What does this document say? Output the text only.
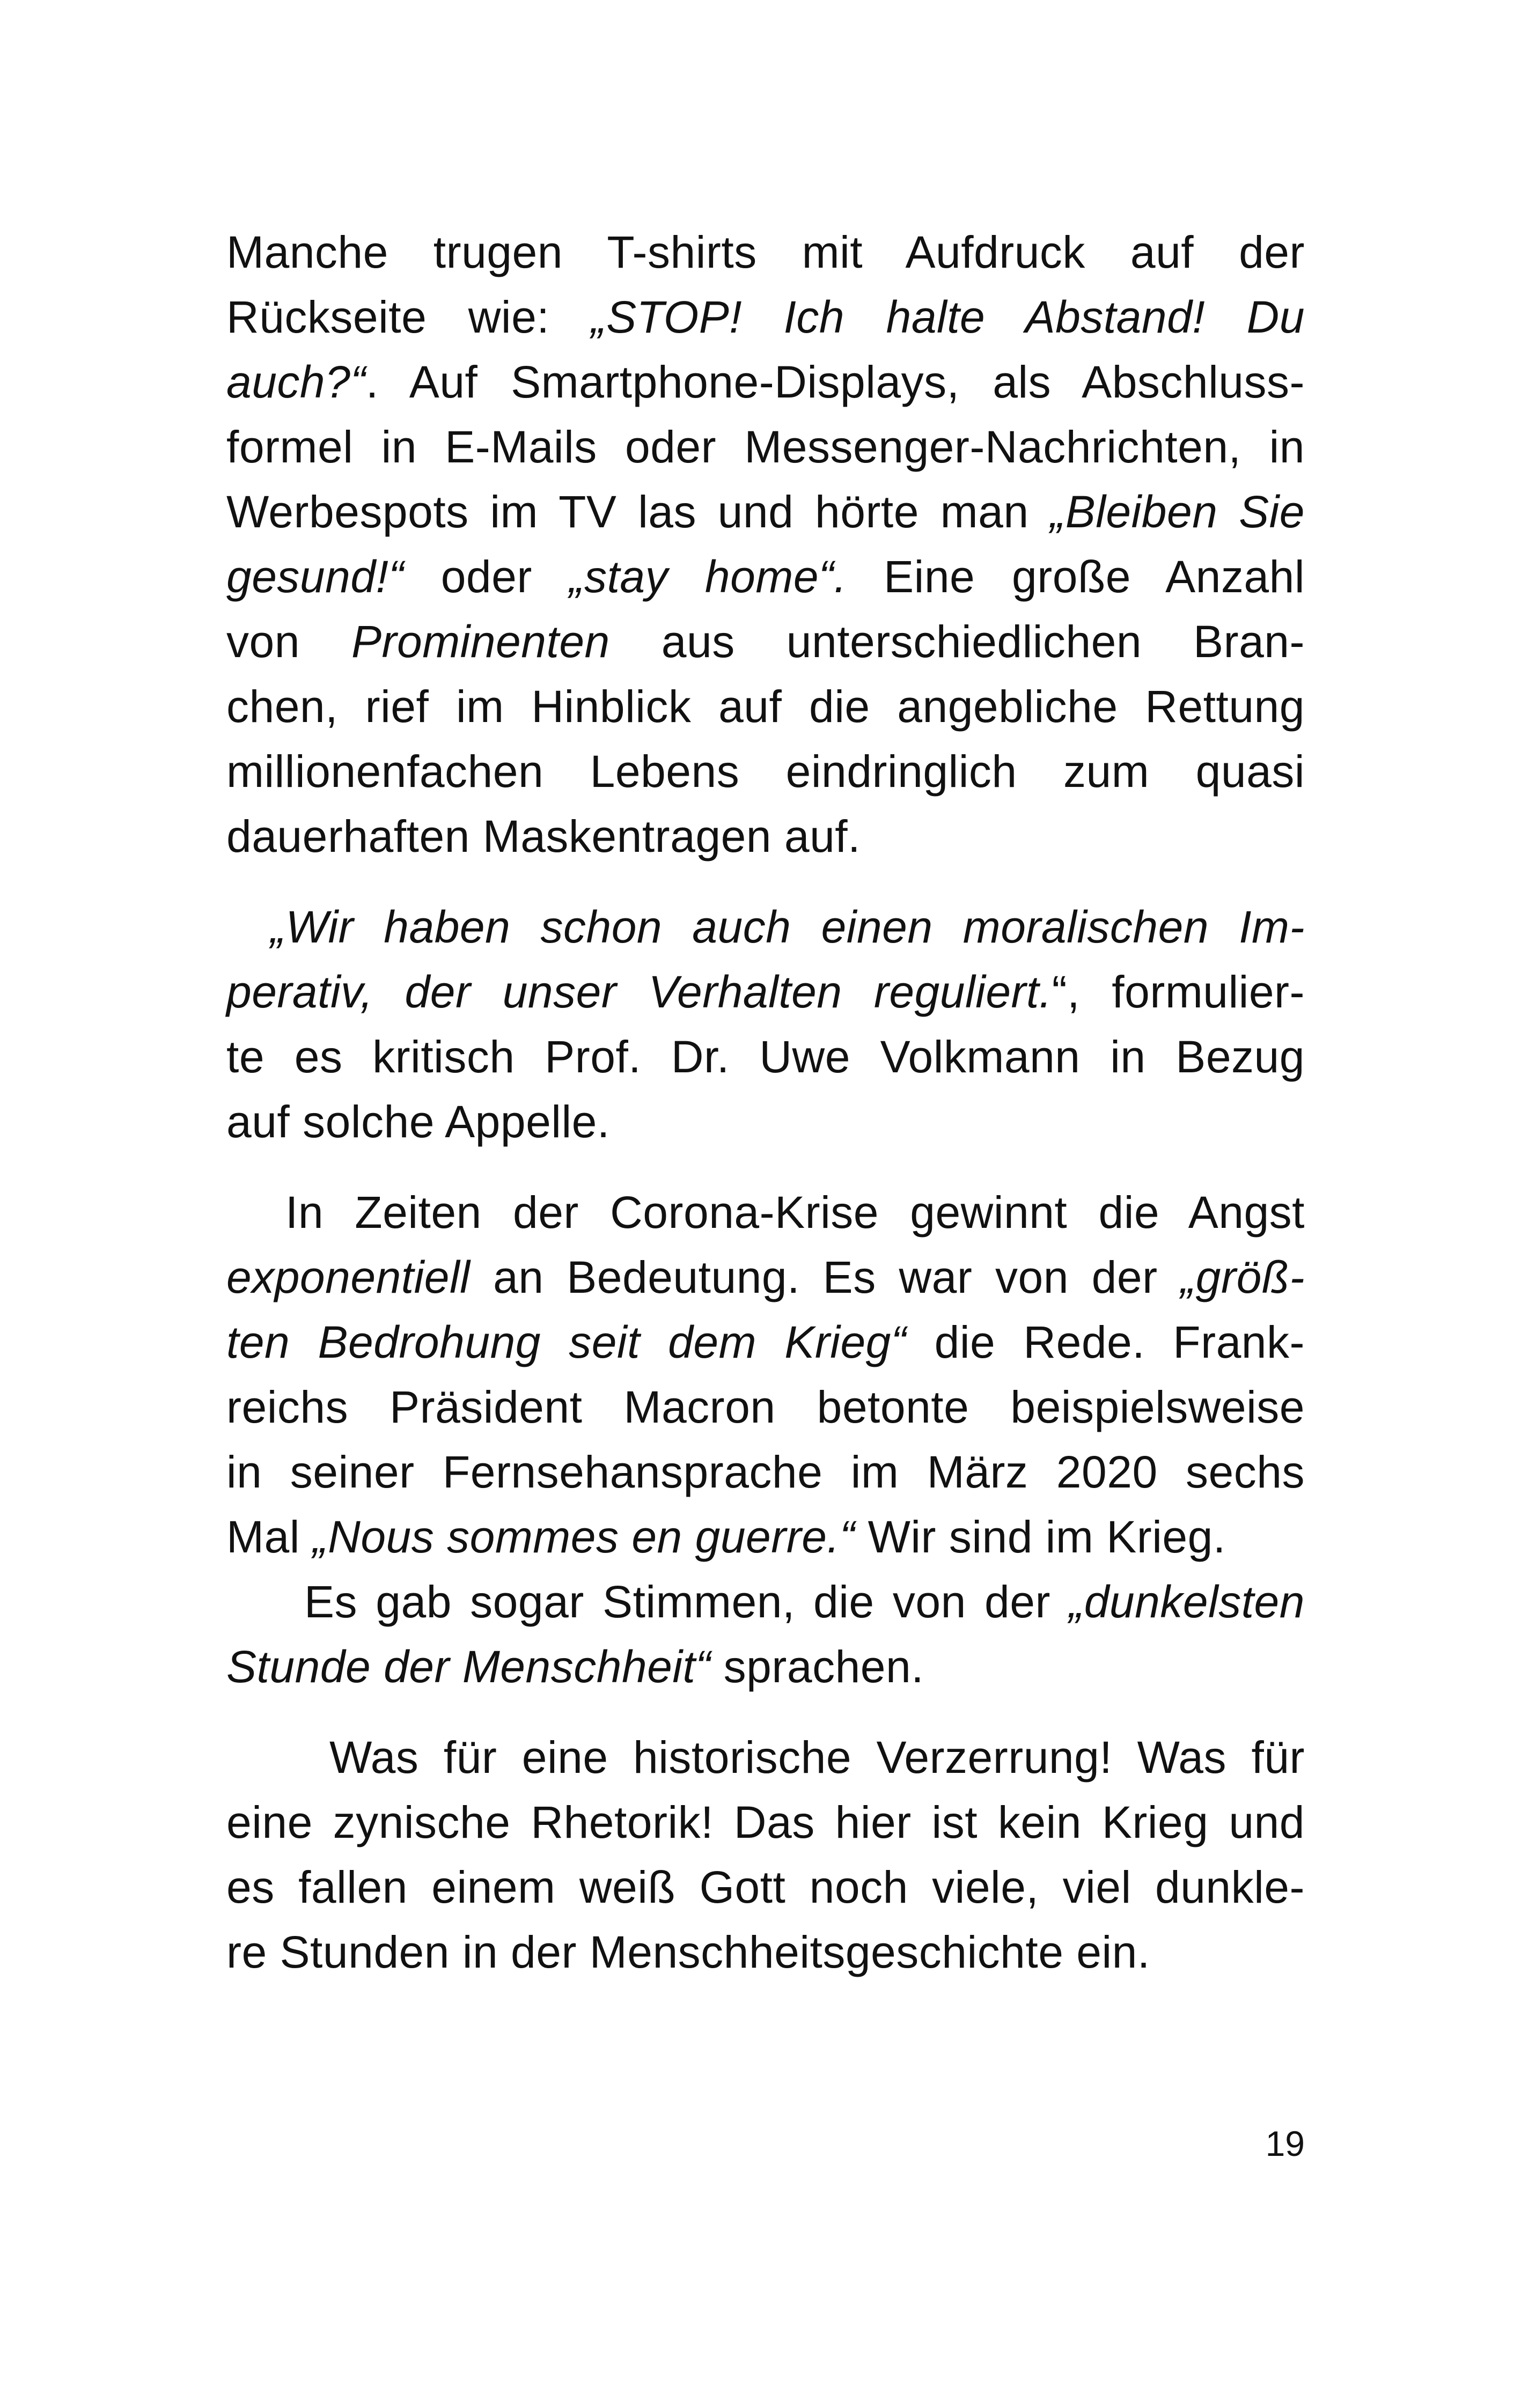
Manche trugen T-shirts mit Aufdruck auf der
Rückseite wie: „STOP! Ich halte Abstand! Du
auch?“. Auf Smartphone-Displays, als Abschluss-
formel in E-Mails oder Messenger-Nachrichten, in
Werbespots im TV las und hörte man „Bleiben Sie
gesund!“ oder „stay home“. Eine große Anzahl
von Prominenten aus unterschiedlichen Bran-
chen, rief im Hinblick auf die angebliche Rettung
millionenfachen Lebens eindringlich zum quasi
dauerhaften Maskentragen auf.
„Wir haben schon auch einen moralischen Im-
perativ, der unser Verhalten reguliert.“, formulier-
te es kritisch Prof. Dr. Uwe Volkmann in Bezug
auf solche Appelle.
In Zeiten der Corona-Krise gewinnt die Angst
exponentiell an Bedeutung. Es war von der „größ-
ten Bedrohung seit dem Krieg“ die Rede. Frank-
reichs Präsident Macron betonte beispielsweise
in seiner Fernsehansprache im März 2020 sechs
Mal „Nous sommes en guerre.“ Wir sind im Krieg.
Es gab sogar Stimmen, die von der „dunkelsten
Stunde der Menschheit“ sprachen.
Was für eine historische Verzerrung! Was für
eine zynische Rhetorik! Das hier ist kein Krieg und
es fallen einem weiß Gott noch viele, viel dunkle-
re Stunden in der Menschheitsgeschichte ein.
19
